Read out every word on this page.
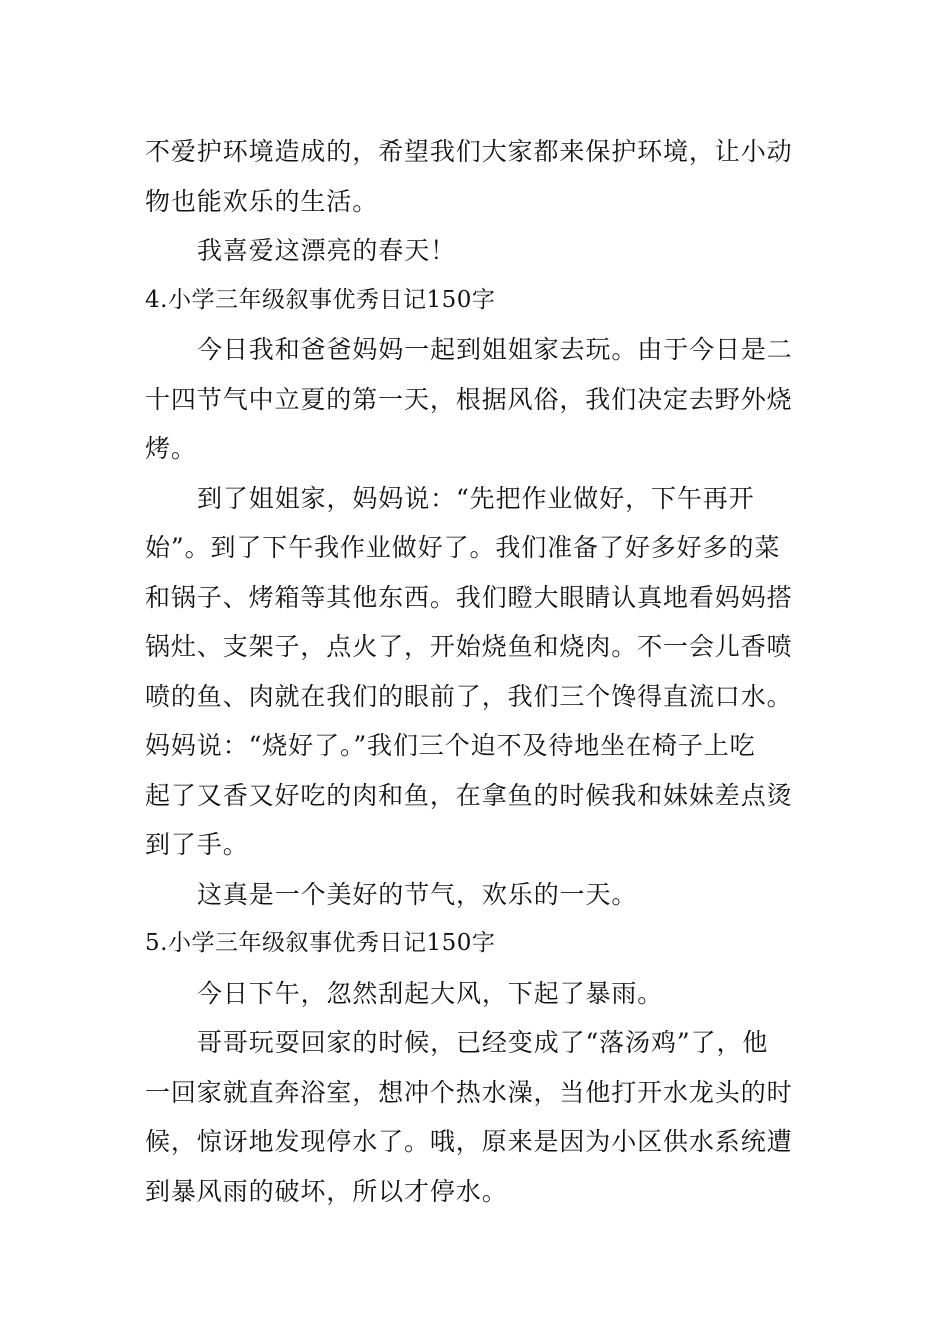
不爱护环境造成的，希望我们大家都来保护环境，让小动
物也能欢乐的生活。
我喜爱这漂亮的春天！
4.小学三年级叙事优秀日记150字
今日我和爸爸妈妈一起到姐姐家去玩。由于今日是二
十四节气中立夏的第一天，根据风俗，我们决定去野外烧
烤。
到了姐姐家，妈妈说：“先把作业做好，下午再开
始”。到了下午我作业做好了。我们准备了好多好多的菜
和锅子、烤箱等其他东西。我们瞪大眼睛认真地看妈妈搭
锅灶、支架子，点火了，开始烧鱼和烧肉。不一会儿香喷
喷的鱼、肉就在我们的眼前了，我们三个馋得直流口水。
妈妈说：“烧好了。”我们三个迫不及待地坐在椅子上吃
起了又香又好吃的肉和鱼，在拿鱼的时候我和妹妹差点烫
到了手。
这真是一个美好的节气，欢乐的一天。
5.小学三年级叙事优秀日记150字
今日下午，忽然刮起大风，下起了暴雨。
哥哥玩耍回家的时候，已经变成了“落汤鸡”了，他
一回家就直奔浴室，想冲个热水澡，当他打开水龙头的时
候，惊讶地发现停水了。哦，原来是因为小区供水系统遭
到暴风雨的破坏，所以才停水。
